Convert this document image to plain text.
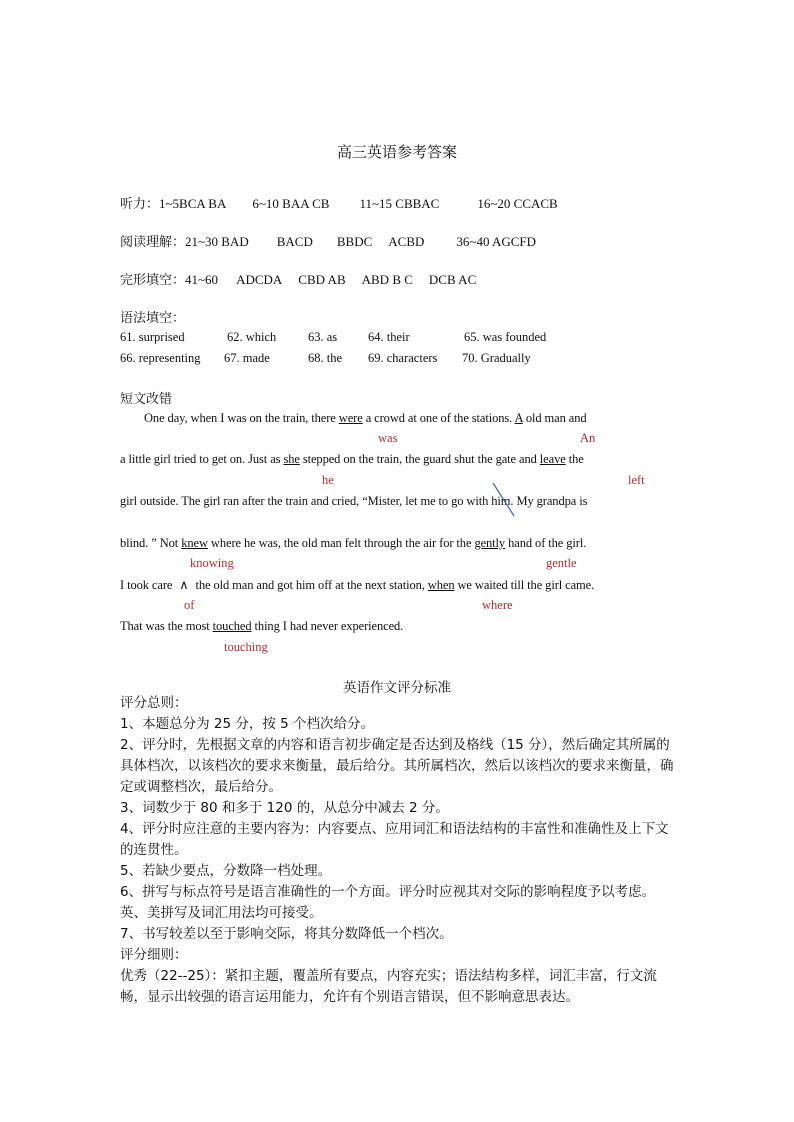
高三英语参考答案
听力：1~5BCA BA 6~10 BAA CB 11~15 CBBAC	16~20 CCACB
阅读理解：21~30 BAD BACD BBDC ACBD 36~40 AGCFD
完形填空：41~60 ADCDA CBD AB ABD B C DCB AC
语法填空：
61. surprised	62. which	63. as 64. their	65. was founded
66. representing 67. made	68. the 69. characters 70. Gradually
短文改错
One day, when I was on the train, there were a crowd at one of the stations. A old man and
was	An
a little girl tried to get on. Just as she stepped on the train, the guard shut the gate and leave the
he	left
girl outside. The girl ran after the train and cried, “Mister, let me to go with him. My grandpa is
blind. ” Not knew where he was, the old man felt through the air for the gently hand of the girl.
knowing	gentle
I took care ∧ the old man and got him off at the next station, when we waited till the girl came.
of	where
That was the most touched thing I had never experienced.
touching
英语作文评分标准
评分总则：
1、本题总分为 25 分，按 5 个档次给分。
2、评分时，先根据文章的内容和语言初步确定是否达到及格线（15 分），然后确定其所属的具体档次，以该档次的要求来衡量，最后给分。其所属档次，然后以该档次的要求来衡量，确定或调整档次，最后给分。
3、词数少于 80 和多于 120 的，从总分中减去 2 分。
4、评分时应注意的主要内容为：内容要点、应用词汇和语法结构的丰富性和准确性及上下文的连贯性。
5、若缺少要点，分数降一档处理。
6、拼写与标点符号是语言准确性的一个方面。评分时应视其对交际的影响程度予以考虑。英、美拼写及词汇用法均可接受。
7、书写较差以至于影响交际，将其分数降低一个档次。
评分细则：
优秀（22--25）：紧扣主题，覆盖所有要点，内容充实；语法结构多样，词汇丰富，行文流畅，显示出较强的语言运用能力，允许有个别语言错误，但不影响意思表达。
